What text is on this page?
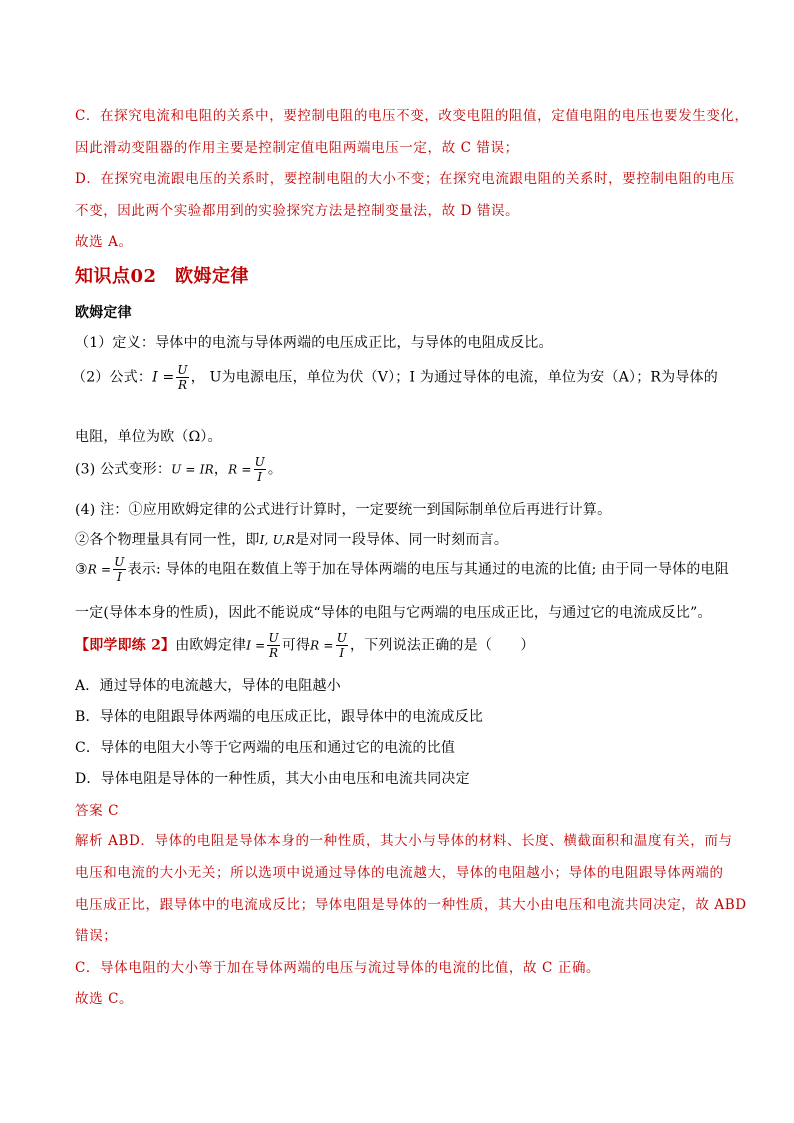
C．在探究电流和电阻的关系中，要控制电阻的电压不变，改变电阻的阻值，定值电阻的电压也要发生变化，
因此滑动变阻器的作用主要是控制定值电阻两端电压一定，故 C 错误；
D．在探究电流跟电压的关系时，要控制电阻的大小不变；在探究电流跟电阻的关系时，要控制电阻的电压
不变，因此两个实验都用到的实验探究方法是控制变量法，故 D 错误。
故选 A。
知识点02　欧姆定律
欧姆定律
（1）定义：导体中的电流与导体两端的电压成正比，与导体的电阻成反比。
（2）公式：$I = \frac{U}{R}$ ， U为电源电压，单位为伏（V）；I 为通过导体的电流，单位为安（A）；R为导体的
电阻，单位为欧（Ω）。
(3) 公式变形：U = IR，$R = \frac{U}{I}$ 。
(4) 注：①应用欧姆定律的公式进行计算时，一定要统一到国际制单位后再进行计算。
②各个物理量具有同一性，即I, U,R是对同一段导体、同一时刻而言。
③R = $\frac{U}{I}$ 表示: 导体的电阻在数值上等于加在导体两端的电压与其通过的电流的比值; 由于同一导体的电阻
一定(导体本身的性质)，因此不能说成“导体的电阻与它两端的电压成正比，与通过它的电流成反比”。
【即学即练 2】由欧姆定律$I = \frac{U}{R}$ 可得$R = \frac{U}{I}$ ，下列说法正确的是（　　）
A．通过导体的电流越大，导体的电阻越小
B．导体的电阻跟导体两端的电压成正比，跟导体中的电流成反比
C．导体的电阻大小等于它两端的电压和通过它的电流的比值
D．导体电阻是导体的一种性质，其大小由电压和电流共同决定
答案 C
解析 ABD．导体的电阻是导体本身的一种性质，其大小与导体的材料、长度、横截面积和温度有关，而与
电压和电流的大小无关；所以选项中说通过导体的电流越大，导体的电阻越小；导体的电阻跟导体两端的
电压成正比，跟导体中的电流成反比；导体电阻是导体的一种性质，其大小由电压和电流共同决定，故 ABD
错误；
C．导体电阻的大小等于加在导体两端的电压与流过导体的电流的比值，故 C 正确。
故选 C。
